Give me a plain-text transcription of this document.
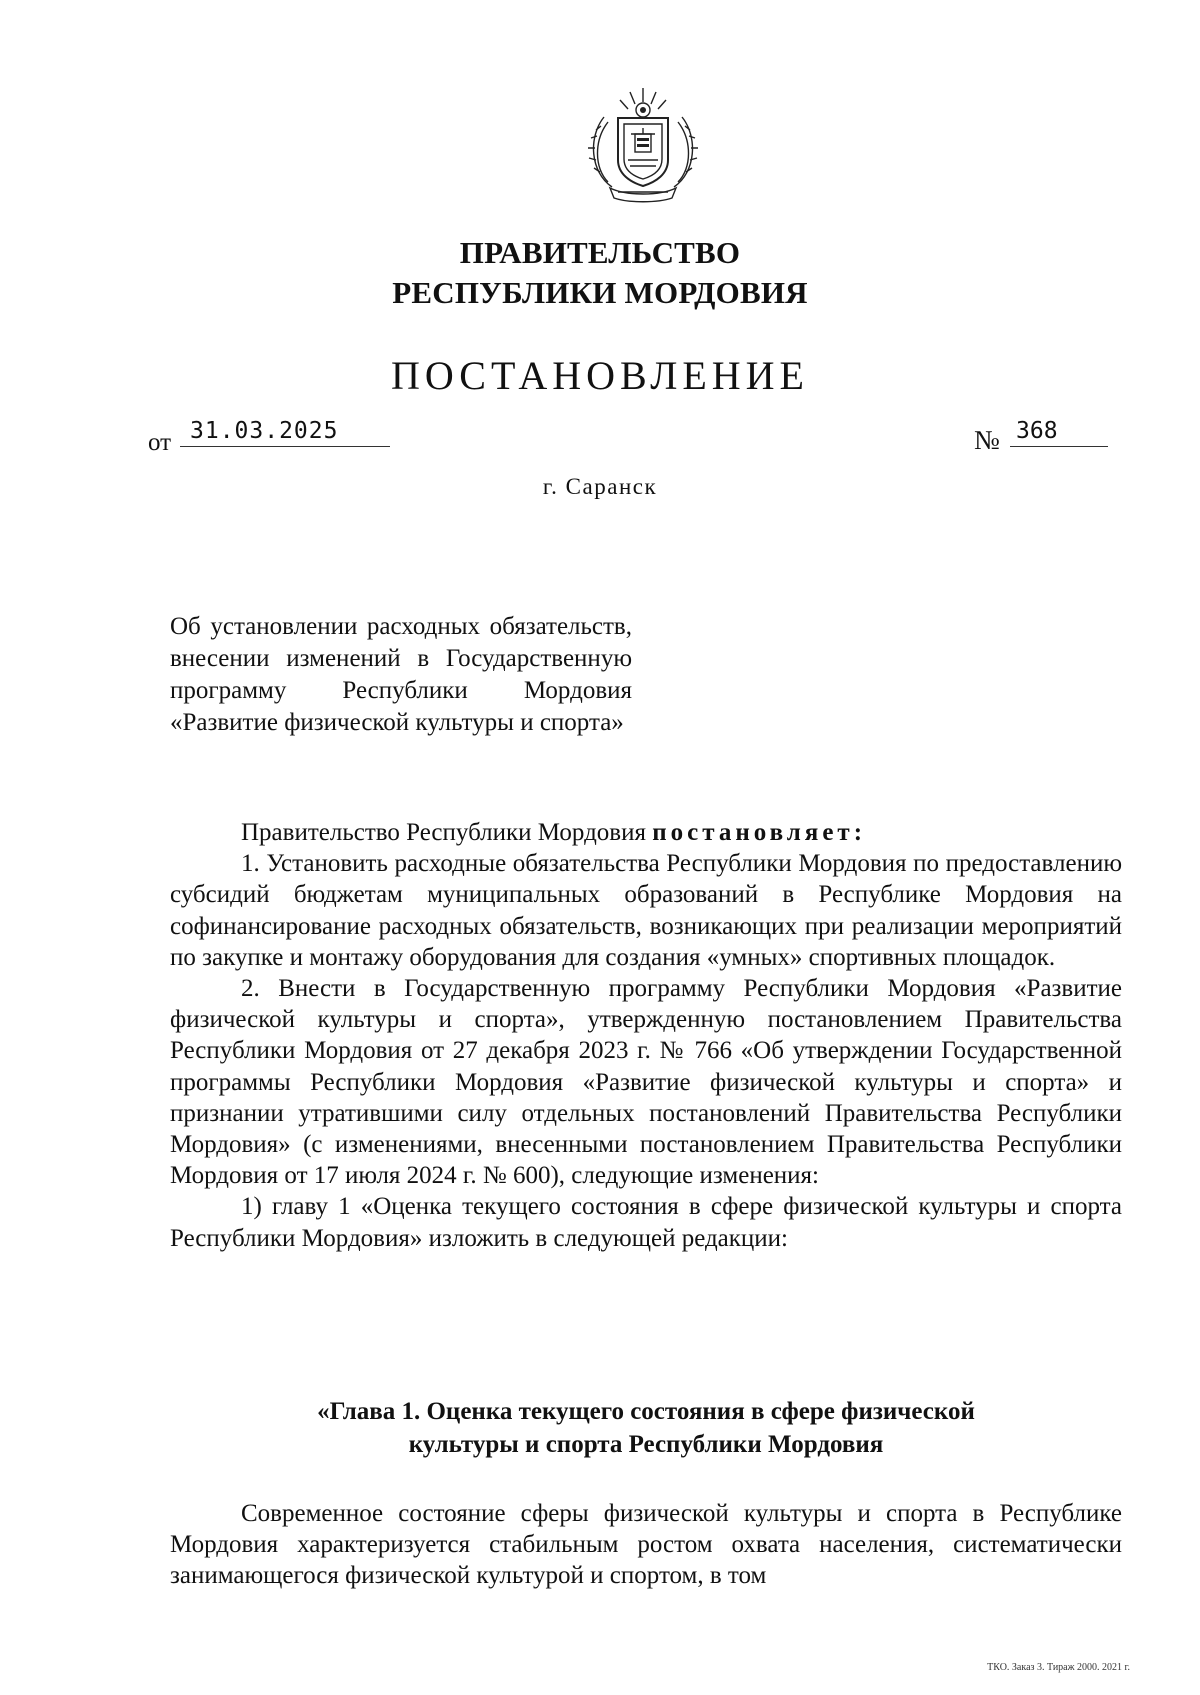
ПРАВИТЕЛЬСТВО
РЕСПУБЛИКИ МОРДОВИЯ
ПОСТАНОВЛЕНИЕ
от 31.03.2025	№ 368
г. Саранск
Об установлении расходных обязательств, внесении изменений в Государственную программу Республики Мордовия «Развитие физической культуры и спорта»

Правительство Республики Мордовия постановляет:

1. Установить расходные обязательства Республики Мордовия по предоставлению субсидий бюджетам муниципальных образований в Республике Мордовия на софинансирование расходных обязательств, возникающих при реализации мероприятий по закупке и монтажу оборудования для создания «умных» спортивных площадок.

2. Внести в Государственную программу Республики Мордовия «Развитие физической культуры и спорта», утвержденную постановлением Правительства Республики Мордовия от 27 декабря 2023 г. № 766 «Об утверждении Государственной программы Республики Мордовия «Развитие физической культуры и спорта» и признании утратившими силу отдельных постановлений Правительства Республики Мордовия» (с изменениями, внесенными постановлением Правительства Республики Мордовия от 17 июля 2024 г. № 600), следующие изменения:

1) главу 1 «Оценка текущего состояния в сфере физической культуры и спорта Республики Мордовия» изложить в следующей редакции:

«Глава 1. Оценка текущего состояния в сфере физической
культуры и спорта Республики Мордовия

Современное состояние сферы физической культуры и спорта в Республике Мордовия характеризуется стабильным ростом охвата населения, систематически занимающегося физической культурой и спортом, в том

ТКО. Заказ 3. Тираж 2000. 2021 г.
